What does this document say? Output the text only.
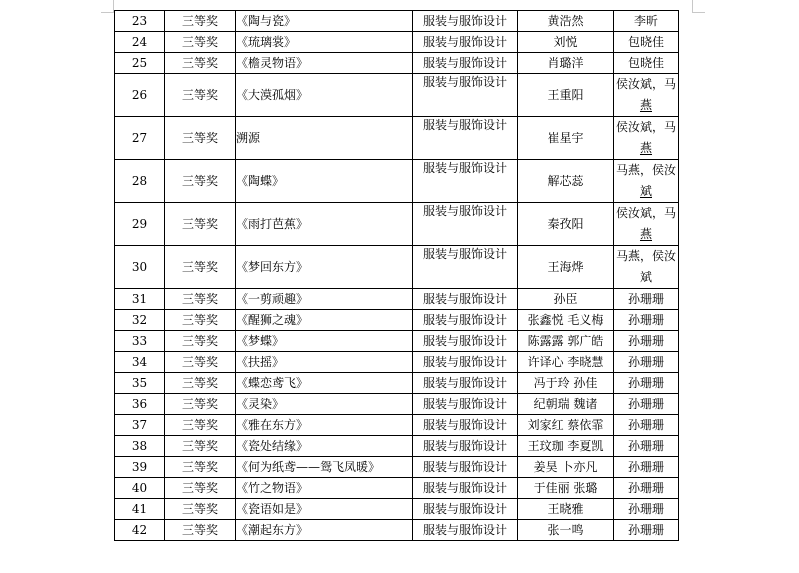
23	三等奖	《陶与瓷》	服装与服饰设计	黄浩然	李昕
24	三等奖	《琉璃裳》	服装与服饰设计	刘悦	包晓佳
25	三等奖	《檐灵物语》	服装与服饰设计	肖璐洋	包晓佳
26	三等奖	《大漠孤烟》	服装与服饰设计	王重阳	侯汝斌，马
燕

27	三等奖	溯源	服装与服饰设计	崔星宇	侯汝斌，马
燕

28	三等奖	《陶蝶》	服装与服饰设计	解芯蕊	马燕，侯汝
斌

29	三等奖	《雨打芭蕉》	服装与服饰设计	秦孜阳	侯汝斌，马
燕

30	三等奖	《梦回东方》	服装与服饰设计	王海烨	马燕，侯汝
斌

31	三等奖	《一剪顽趣》	服装与服饰设计	孙臣	孙珊珊
32	三等奖	《醒狮之魂》	服装与服饰设计	张鑫悦 毛义梅	孙珊珊
33	三等奖	《梦蝶》	服装与服饰设计	陈露露 郭广皓	孙珊珊
34	三等奖	《扶摇》	服装与服饰设计	许译心 李晓慧	孙珊珊
35	三等奖	《蝶恋鸢飞》	服装与服饰设计	冯于玲 孙佳	孙珊珊
36	三等奖	《灵染》	服装与服饰设计	纪朝瑞 魏诸	孙珊珊
37	三等奖	《雅在东方》	服装与服饰设计	刘家红 蔡依霏	孙珊珊
38	三等奖	《瓷处结缘》	服装与服饰设计	王玟珈 李夏凯	孙珊珊
39	三等奖	《何为纸鸢——鸳飞凤暖》	服装与服饰设计	姜昊 卜亦凡	孙珊珊
40	三等奖	《竹之物语》	服装与服饰设计	于佳丽 张璐	孙珊珊
41	三等奖	《瓷语如是》	服装与服饰设计	王晓雅	孙珊珊
42	三等奖	《潮起东方》	服装与服饰设计	张一鸣	孙珊珊
